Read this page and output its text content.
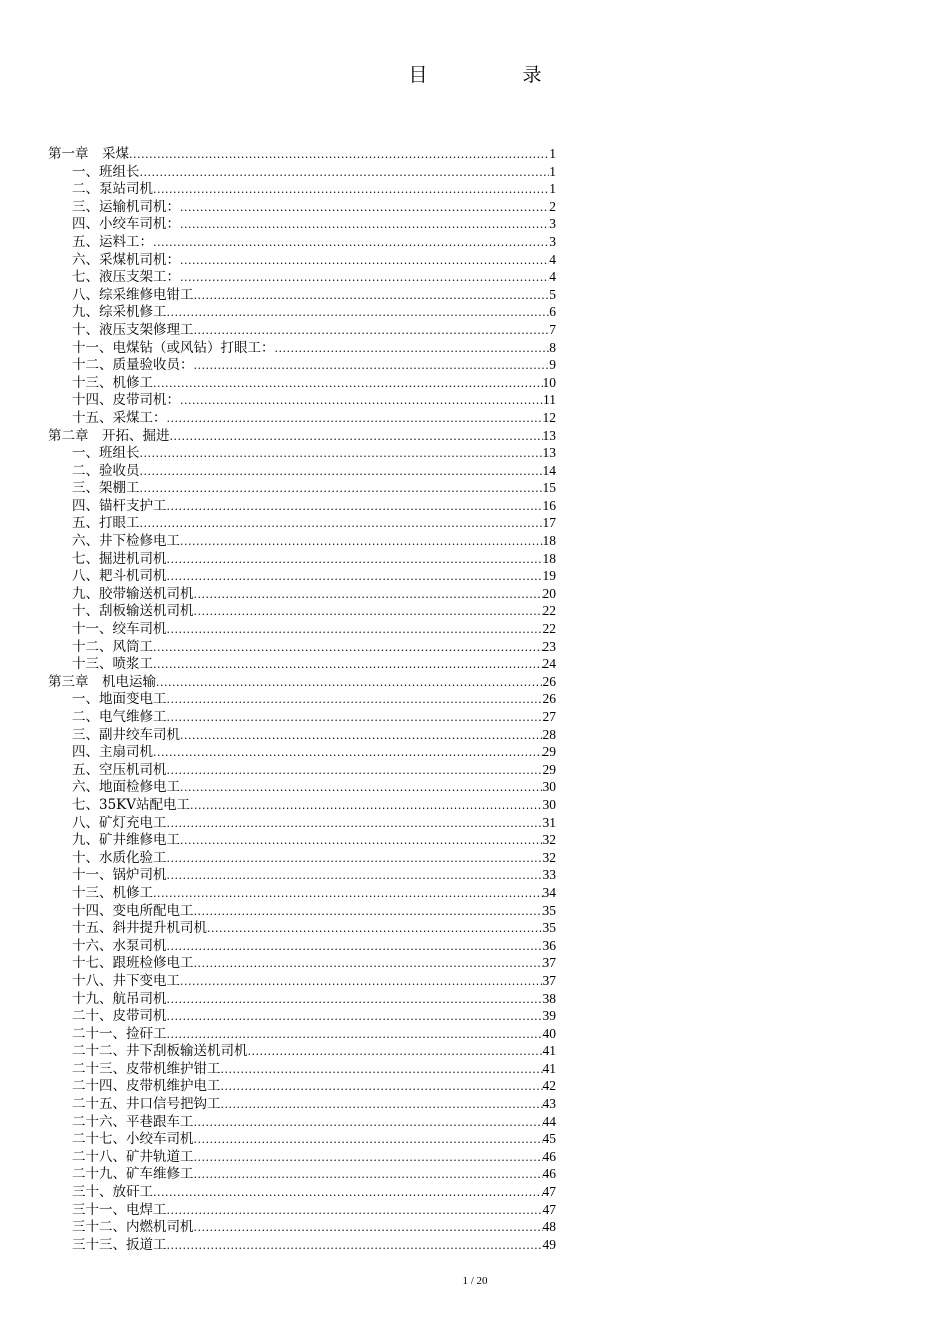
目　录
第一章　采煤 .....	1
一、班组长 .....	1
二、泵站司机 .....	1
三、运输机司机： .....	2
四、小绞车司机： .....	3
五、运料工： .....	3
六、采煤机司机： .....	4
七、液压支架工： .....	4
八、综采维修电钳工 .....	5
九、综采机修工 .....	6
十、液压支架修理工 .....	7
十一、电煤钻（或风钻）打眼工： .....	8
十二、质量验收员： .....	9
十三、机修工 .....	10
十四、皮带司机： .....	11
十五、采煤工： .....	12
第二章　开拓、掘进 .....	13
一、班组长 .....	13
二、验收员 .....	14
三、架棚工 .....	15
四、锚杆支护工 .....	16
五、打眼工 .....	17
六、井下检修电工 .....	18
七、掘进机司机 .....	18
八、耙斗机司机 .....	19
九、胶带输送机司机 .....	20
十、刮板输送机司机 .....	22
十一、绞车司机 .....	22
十二、风筒工 .....	23
十三、喷浆工 .....	24
第三章　机电运输 .....	26
一、地面变电工 .....	26
二、电气维修工 .....	27
三、副井绞车司机 .....	28
四、主扇司机 .....	29
五、空压机司机 .....	29
六、地面检修电工 .....	30
七、35KV站配电工 .....	30
八、矿灯充电工 .....	31
九、矿井维修电工 .....	32
十、水质化验工 .....	32
十一、锅炉司机 .....	33
十三、机修工 .....	34
十四、变电所配电工 .....	35
十五、斜井提升机司机 .....	35
十六、水泵司机 .....	36
十七、跟班检修电工 .....	37
十八、井下变电工 .....	37
十九、航吊司机 .....	38
二十、皮带司机 .....	39
二十一、捡矸工 .....	40
二十二、井下刮板输送机司机 .....	41
二十三、皮带机维护钳工 .....	41
二十四、皮带机维护电工 .....	42
二十五、井口信号把钩工 .....	43
二十六、平巷跟车工 .....	44
二十七、小绞车司机 .....	45
二十八、矿井轨道工 .....	46
二十九、矿车维修工 .....	46
三十、放矸工 .....	47
三十一、电焊工 .....	47
三十二、内燃机司机 .....	48
三十三、扳道工 .....	49
1 / 20
